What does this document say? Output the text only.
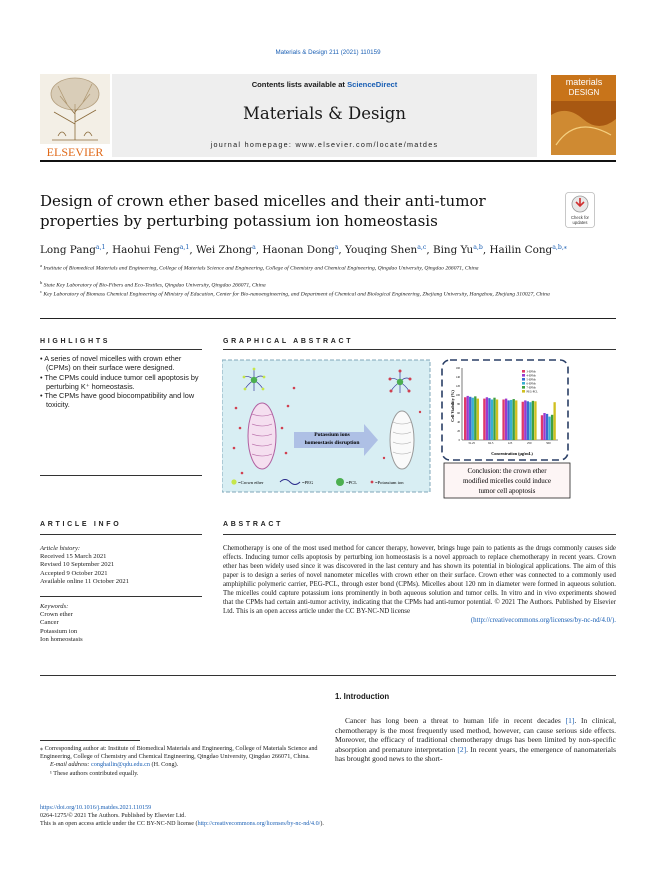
Materials & Design 211 (2021) 110159
ELSEVIER
Contents lists available at ScienceDirect
Materials & Design
journal homepage: www.elsevier.com/locate/matdes
materials
DESIGN
Design of crown ether based micelles and their anti-tumor properties by perturbing potassium ion homeostasis	Check for
updates
Long Pang$^{a,1}$, Haohui Feng$^{a,1}$, Wei Zhong$^a$, Haonan Dong$^a$, Youqing Shen$^{a,c}$, Bing Yu$^{a,b}$, Hailin Cong$^{a,b,⁎}$
$^a$ Institute of Biomedical Materials and Engineering, College of Materials Science and Engineering, College of Chemistry and Chemical Engineering, Qingdao University, Qingdao 266071, China
$^b$ State Key Laboratory of Bio-Fibers and Eco-Textiles, Qingdao University, Qingdao 266071, China
$^c$ Key Laboratory of Biomass Chemical Engineering of Ministry of Education, Center for Bio-nanoengineering, and Department of Chemical and Biological Engineering, Zhejiang University, Hangzhou, Zhejiang 310027, China
HIGHLIGHTS
• A series of novel micelles with crown ether (CPMs) on their surface were designed.
• The CPMs could induce tumor cell apoptosis by perturbing K⁺ homeostasis.
• The CPMs have good biocompatibility and low toxicity.
GRAPHICAL ABSTRACT
Potassium ions
homeostasis disruption
=Crown ether	=PEG	=PCL	=Potassium ion
0
20
40
60
80
100
120
140
160
31.25	62.5	125	250	500
3-EPMs
4-EPMs
5-EPMs
6-EPMs
7-EPMs
PEG-PCL
Cell Viability (%)
Concentration (μg/mL)
Conclusion: the crown ether
modified micelles could induce
tumor cell apoptosis
ARTICLE INFO
Article history:
Received 15 March 2021
Revised 10 September 2021
Accepted 9 October 2021
Available online 11 October 2021
Keywords:
Crown ether
Cancer
Potassium ion
Ion homeostasis
ABSTRACT
Chemotherapy is one of the most used method for cancer therapy, however, brings huge pain to patients as the drugs commonly causes side effects. Inducing tumor cells apoptosis by perturbing ion homeostasis is a novel approach to replace chemotherapy in recent years. Crown ether has been widely used since it was discovered in the last century and has shown its potential in biological applications. The aim of this paper is to design a series of novel nanometer micelles with crown ether on their surface. Crown ether was connected to a commonly used amphiphilic polymeric carrier, PEG-PCL, through ester bond (CPMs). Micelles about 120 nm in diameter were formed in aqueous solution. The micelles could capture potassium ions prominently in both aqueous solution and tumor cells. In vitro and in vivo experiments showed that the CPMs had certain anti-tumor activity, indicating that the CPMs had anti-tumor potential. © 2021 The Authors. Published by Elsevier Ltd. This is an open access article under the CC BY-NC-ND license
(http://creativecommons.org/licenses/by-nc-nd/4.0/).
1. Introduction
Cancer has long been a threat to human life in recent decades [1]. In clinical, chemotherapy is the most frequently used method, however, can cause serious side effects. Moreover, the efficacy of traditional chemotherapy drugs has been limited by non-specific absorption and premature interpretation [2]. In recent years, the emergence of nanomaterials has brought good news to the short-
⁎ Corresponding author at: Institute of Biomedical Materials and Engineering, College of Materials Science and Engineering, College of Chemistry and Chemical Engineering, Qingdao University, Qingdao 266071, China.
E-mail address: conghailin@qdu.edu.cn (H. Cong).
¹ These authors contributed equally.
https://doi.org/10.1016/j.matdes.2021.110159
0264-1275/© 2021 The Authors. Published by Elsevier Ltd.
This is an open access article under the CC BY-NC-ND license (http://creativecommons.org/licenses/by-nc-nd/4.0/).
